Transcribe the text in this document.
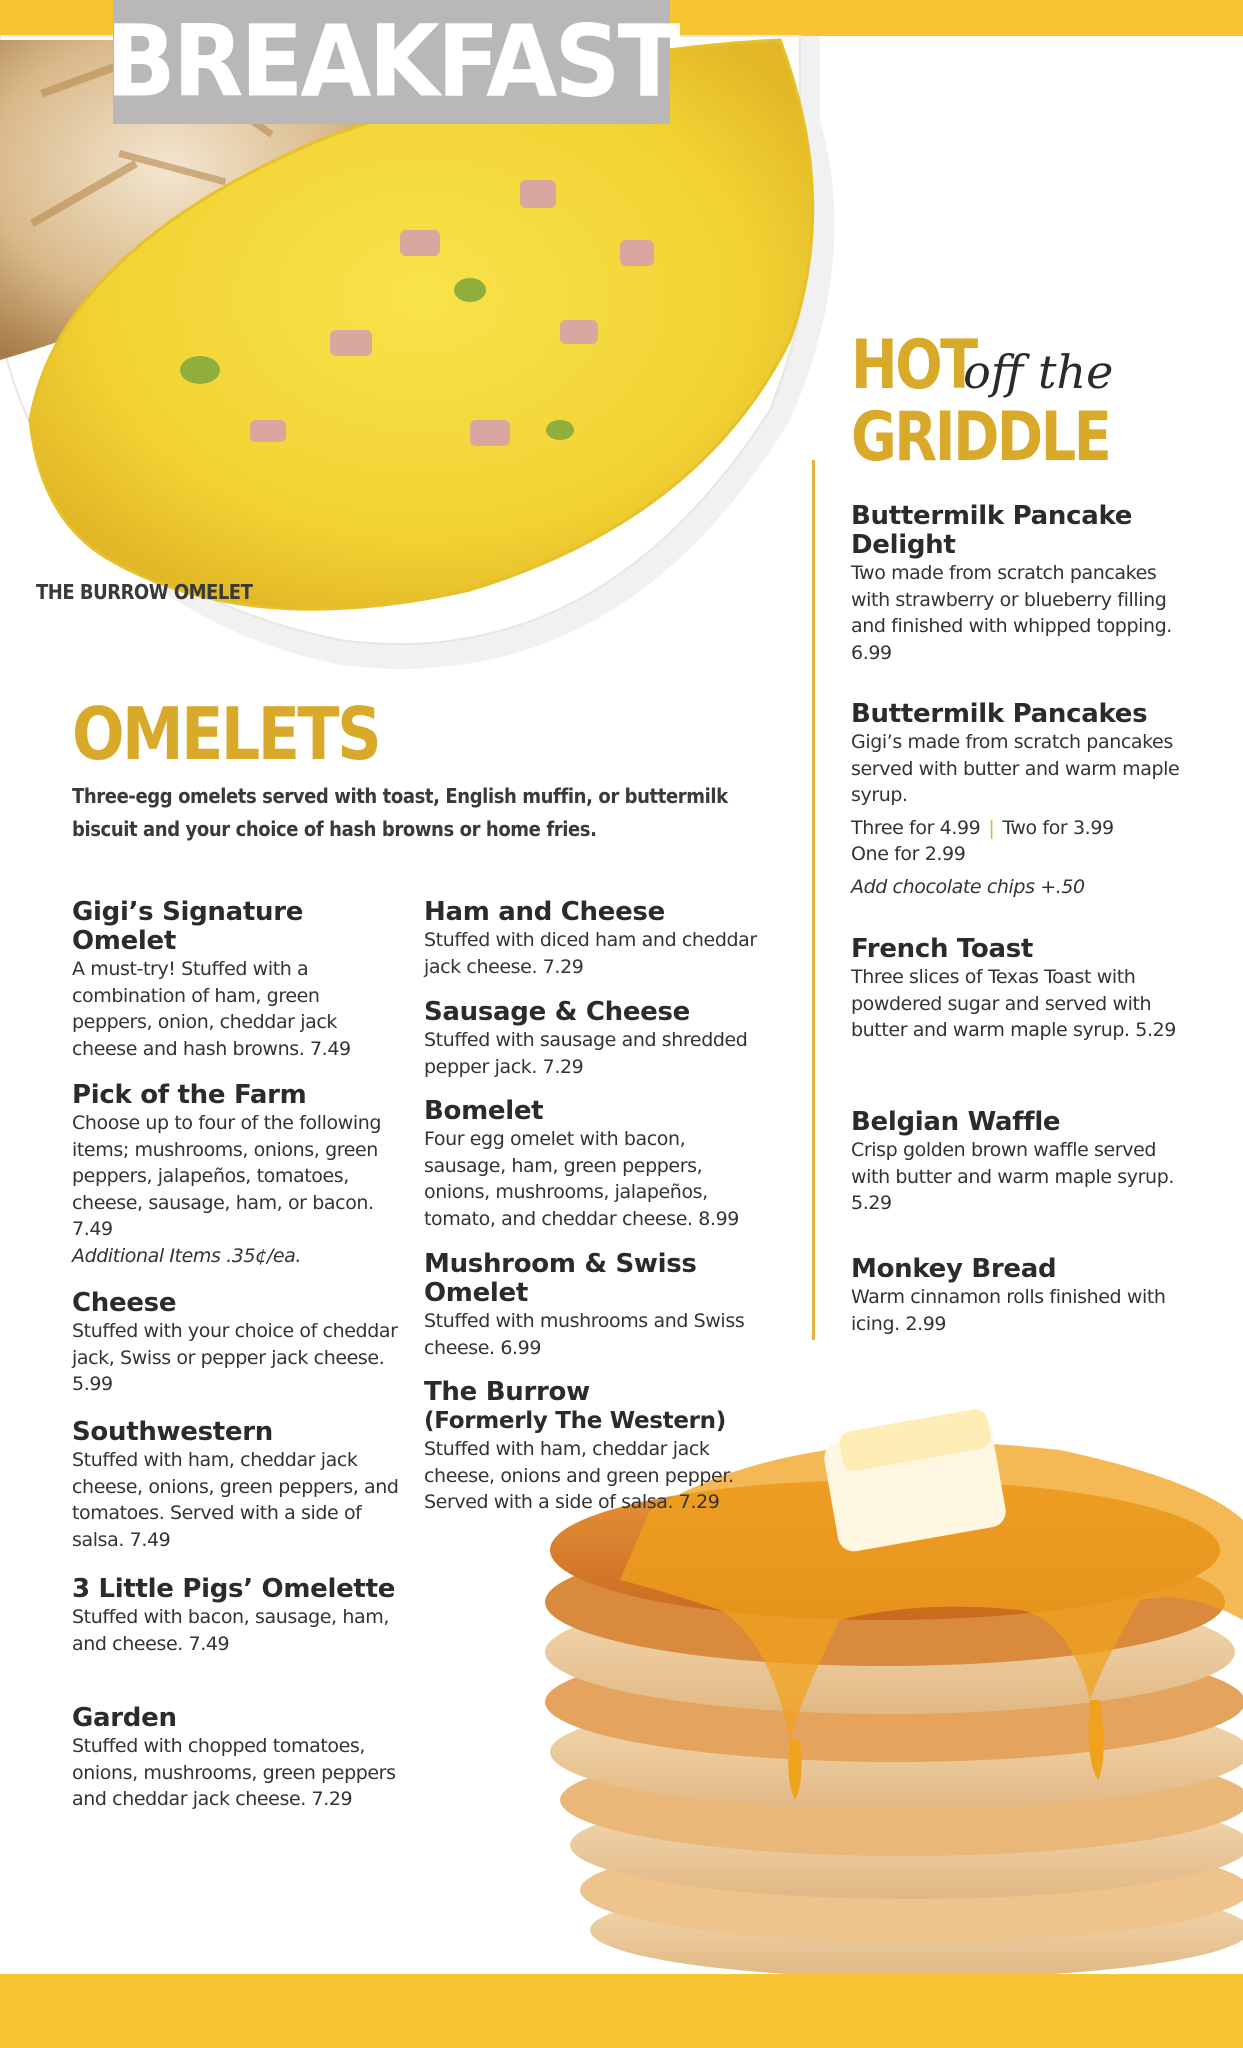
BREAKFAST
THE BURROW OMELET
HOToff the
GRIDDLE
OMELETS
Three-egg omelets served with toast, English muffin, or buttermilk biscuit and your choice of hash browns or home fries.
Gigi’s Signature Omelet
A must-try! Stuffed with a combination of ham, green peppers, onion, cheddar jack cheese and hash browns. 7.49
Pick of the Farm
Choose up to four of the following items; mushrooms, onions, green peppers, jalapeños, tomatoes, cheese, sausage, ham, or bacon. 7.49
Additional Items .35¢/ea.
Cheese
Stuffed with your choice of cheddar jack, Swiss or pepper jack cheese. 5.99
Southwestern
Stuffed with ham, cheddar jack cheese, onions, green peppers, and tomatoes. Served with a side of salsa. 7.49
3 Little Pigs’ Omelette
Stuffed with bacon, sausage, ham, and cheese. 7.49
Garden
Stuffed with chopped tomatoes, onions, mushrooms, green peppers and cheddar jack cheese. 7.29
Ham and Cheese
Stuffed with diced ham and cheddar jack cheese. 7.29
Sausage & Cheese
Stuffed with sausage and shredded pepper jack. 7.29
Bomelet
Four egg omelet with bacon, sausage, ham, green peppers, onions, mushrooms, jalapeños, tomato, and cheddar cheese. 8.99
Mushroom & Swiss Omelet
Stuffed with mushrooms and Swiss cheese. 6.99
The Burrow
(Formerly The Western)
Stuffed with ham, cheddar jack cheese, onions and green pepper. Served with a side of salsa. 7.29
Buttermilk Pancake Delight
Two made from scratch pancakes with strawberry or blueberry filling and finished with whipped topping. 6.99
Buttermilk Pancakes
Gigi’s made from scratch pancakes served with butter and warm maple syrup.
Three for 4.99 | Two for 3.99
One for 2.99
Add chocolate chips +.50
French Toast
Three slices of Texas Toast with powdered sugar and served with butter and warm maple syrup. 5.29
Belgian Waffle
Crisp golden brown waffle served with butter and warm maple syrup. 5.29
Monkey Bread
Warm cinnamon rolls finished with icing. 2.99
